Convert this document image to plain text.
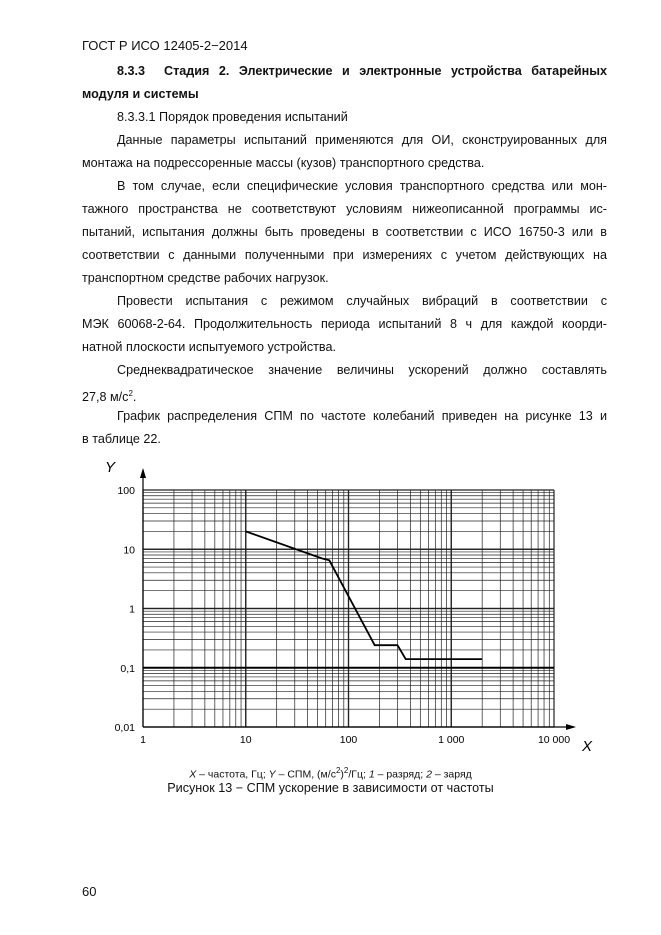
ГОСТ Р ИСО 12405-2−2014
8.3.3 Стадия 2. Электрические и электронные устройства батарейных
модуля и системы
8.3.3.1 Порядок проведения испытаний
Данные параметры испытаний применяются для ОИ, сконструированных для
монтажа на подрессоренные массы (кузов) транспортного средства.
В том случае, если специфические условия транспортного средства или мон-
тажного пространства не соответствуют условиям нижеописанной программы ис-
пытаний, испытания должны быть проведены в соответствии с ИСО 16750-3 или в
соответствии с данными полученными при измерениях с учетом действующих на
транспортном средстве рабочих нагрузок.
Провести испытания с режимом случайных вибраций в соответствии с
МЭК 60068-2-64. Продолжительность периода испытаний 8 ч для каждой коорди-
натной плоскости испытуемого устройства.
Среднеквадратическое значение величины ускорений должно составлять
27,8 $м/с^2$.
График распределения СПМ по частоте колебаний приведен на рисунке 13 и
в таблице 22.
1	10	100	1 000	10 000
100
10
1
0,1
0,01
Y
X
X – частота, Гц; Y – СПМ, $(м/с^2)^2/Гц$; 1 – разряд; 2 – заряд
Рисунок 13 − СПМ ускорение в зависимости от частоты
60
